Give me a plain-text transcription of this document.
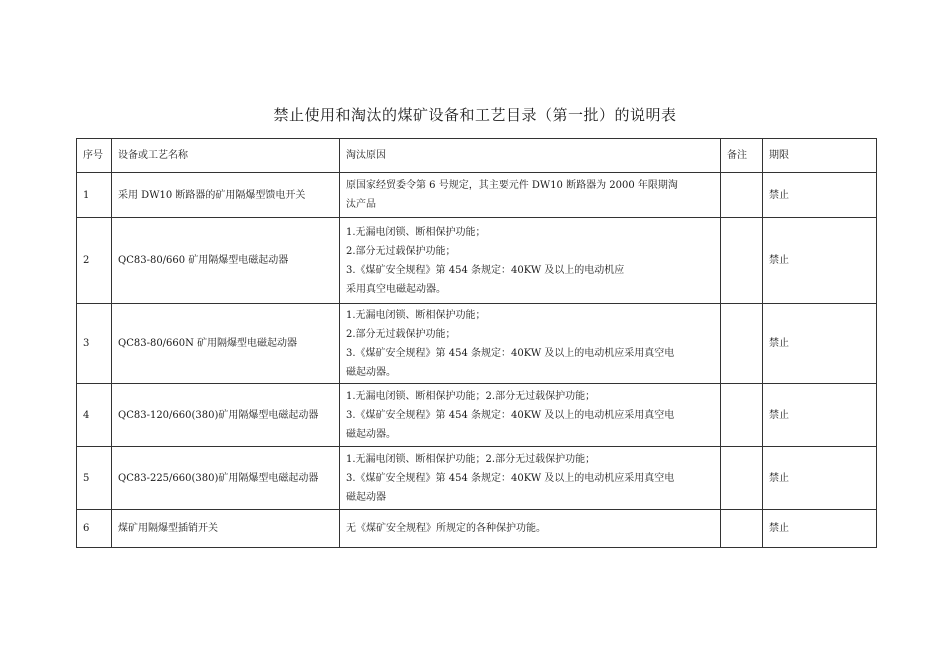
禁止使用和淘汰的煤矿设备和工艺目录（第一批）的说明表
序号	设备或工艺名称	淘汰原因	备注	期限
1	采用 DW10 断路器的矿用隔爆型馈电开关	原国家经贸委令第 6 号规定，其主要元件 DW10 断路器为 2000 年限期淘
汰产品		禁止
2	QC83-80/660 矿用隔爆型电磁起动器	1.无漏电闭锁、断相保护功能；
2.部分无过载保护功能；
3.《煤矿安全规程》第 454 条规定：40KW 及以上的电动机应
采用真空电磁起动器。		禁止
3	QC83-80/660N 矿用隔爆型电磁起动器	1.无漏电闭锁、断相保护功能；
2.部分无过载保护功能；
3.《煤矿安全规程》第 454 条规定：40KW 及以上的电动机应采用真空电
磁起动器。		禁止
4	QC83-120/660(380)矿用隔爆型电磁起动器	1.无漏电闭锁、断相保护功能；2.部分无过载保护功能；
3.《煤矿安全规程》第 454 条规定：40KW 及以上的电动机应采用真空电
磁起动器。		禁止
5	QC83-225/660(380)矿用隔爆型电磁起动器	1.无漏电闭锁、断相保护功能；2.部分无过载保护功能；
3.《煤矿安全规程》第 454 条规定：40KW 及以上的电动机应采用真空电
磁起动器		禁止
6	煤矿用隔爆型插销开关	无《煤矿安全规程》所规定的各种保护功能。		禁止
